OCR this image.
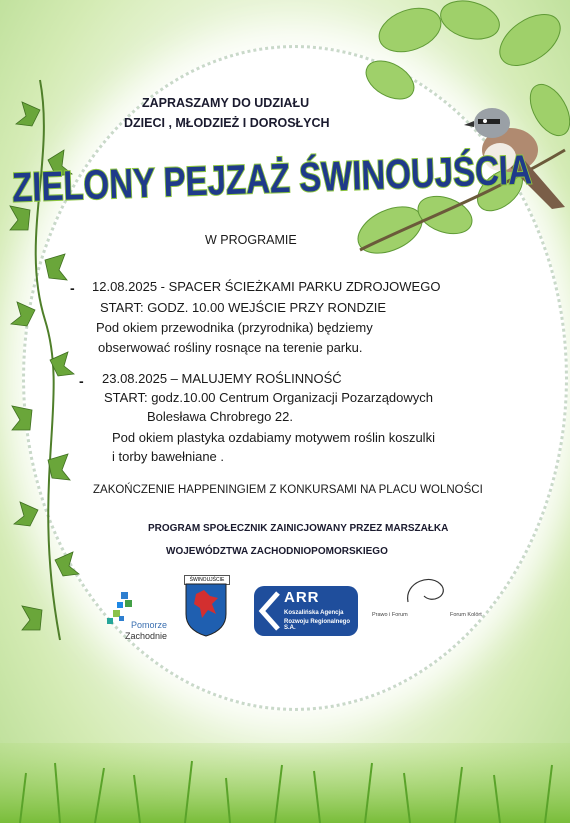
ZAPRASZAMY DO UDZIAŁU
DZIECI , MŁODZIEŻ I DOROSŁYCH
ZIELONY PEJZAŻ ŚWINOUJŚCIA
W PROGRAMIE
- 12.08.2025 - SPACER ŚCIEŻKAMI PARKU ZDROJOWEGO
START: GODZ. 10.00 WEJŚCIE PRZY RONDZIE
Pod okiem przewodnika (przyrodnika) będziemy
obserwować rośliny rosnące na terenie parku.
- 23.08.2025 – MALUJEMY ROŚLINNOŚĆ
START: godz.10.00 Centrum Organizacji Pozarządowych
Bolesława Chrobrego 22.
Pod okiem plastyka ozdabiamy motywem roślin koszulki
i torby bawełniane .
ZAKOŃCZENIE HAPPENINGIEM Z KONKURSAMI NA PLACU WOLNOŚCI
PROGRAM SPOŁECZNIK ZAINICJOWANY PRZEZ MARSZAŁKA
WOJEWÓDZTWA ZACHODNIOPOMORSKIEGO
Pomorze
Zachodnie
ŚWINOUJŚCIE
ARR
Koszalińska Agencja
Rozwoju Regionalnego S.A.
Prawo i Forum	Forum Kolört
